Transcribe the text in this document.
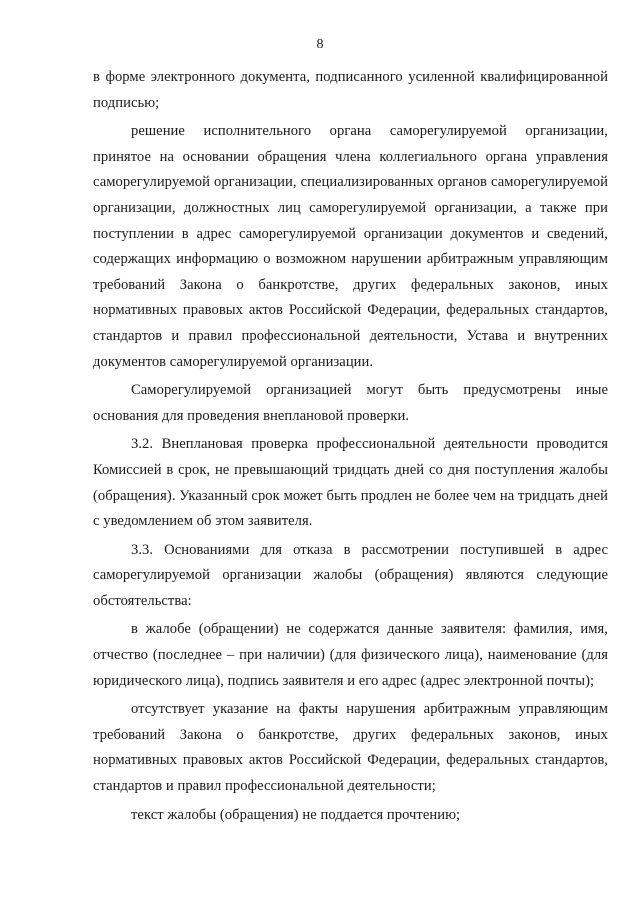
8

в форме электронного документа, подписанного усиленной квалифицированной подписью;

решение исполнительного органа саморегулируемой организации, принятое на основании обращения члена коллегиального органа управления саморегулируемой организации, специализированных органов саморегулируемой организации, должностных лиц саморегулируемой организации, а также при поступлении в адрес саморегулируемой организации документов и сведений, содержащих информацию о возможном нарушении арбитражным управляющим требований Закона о банкротстве, других федеральных законов, иных нормативных правовых актов Российской Федерации, федеральных стандартов, стандартов и правил профессиональной деятельности, Устава и внутренних документов саморегулируемой организации.

Саморегулируемой организацией могут быть предусмотрены иные основания для проведения внеплановой проверки.

3.2. Внеплановая проверка профессиональной деятельности проводится Комиссией в срок, не превышающий тридцать дней со дня поступления жалобы (обращения). Указанный срок может быть продлен не более чем на тридцать дней с уведомлением об этом заявителя.

3.3. Основаниями для отказа в рассмотрении поступившей в адрес саморегулируемой организации жалобы (обращения) являются следующие обстоятельства:

в жалобе (обращении) не содержатся данные заявителя: фамилия, имя, отчество (последнее – при наличии) (для физического лица), наименование (для юридического лица), подпись заявителя и его адрес (адрес электронной почты);

отсутствует указание на факты нарушения арбитражным управляющим требований Закона о банкротстве, других федеральных законов, иных нормативных правовых актов Российской Федерации, федеральных стандартов, стандартов и правил профессиональной деятельности;

текст жалобы (обращения) не поддается прочтению;
